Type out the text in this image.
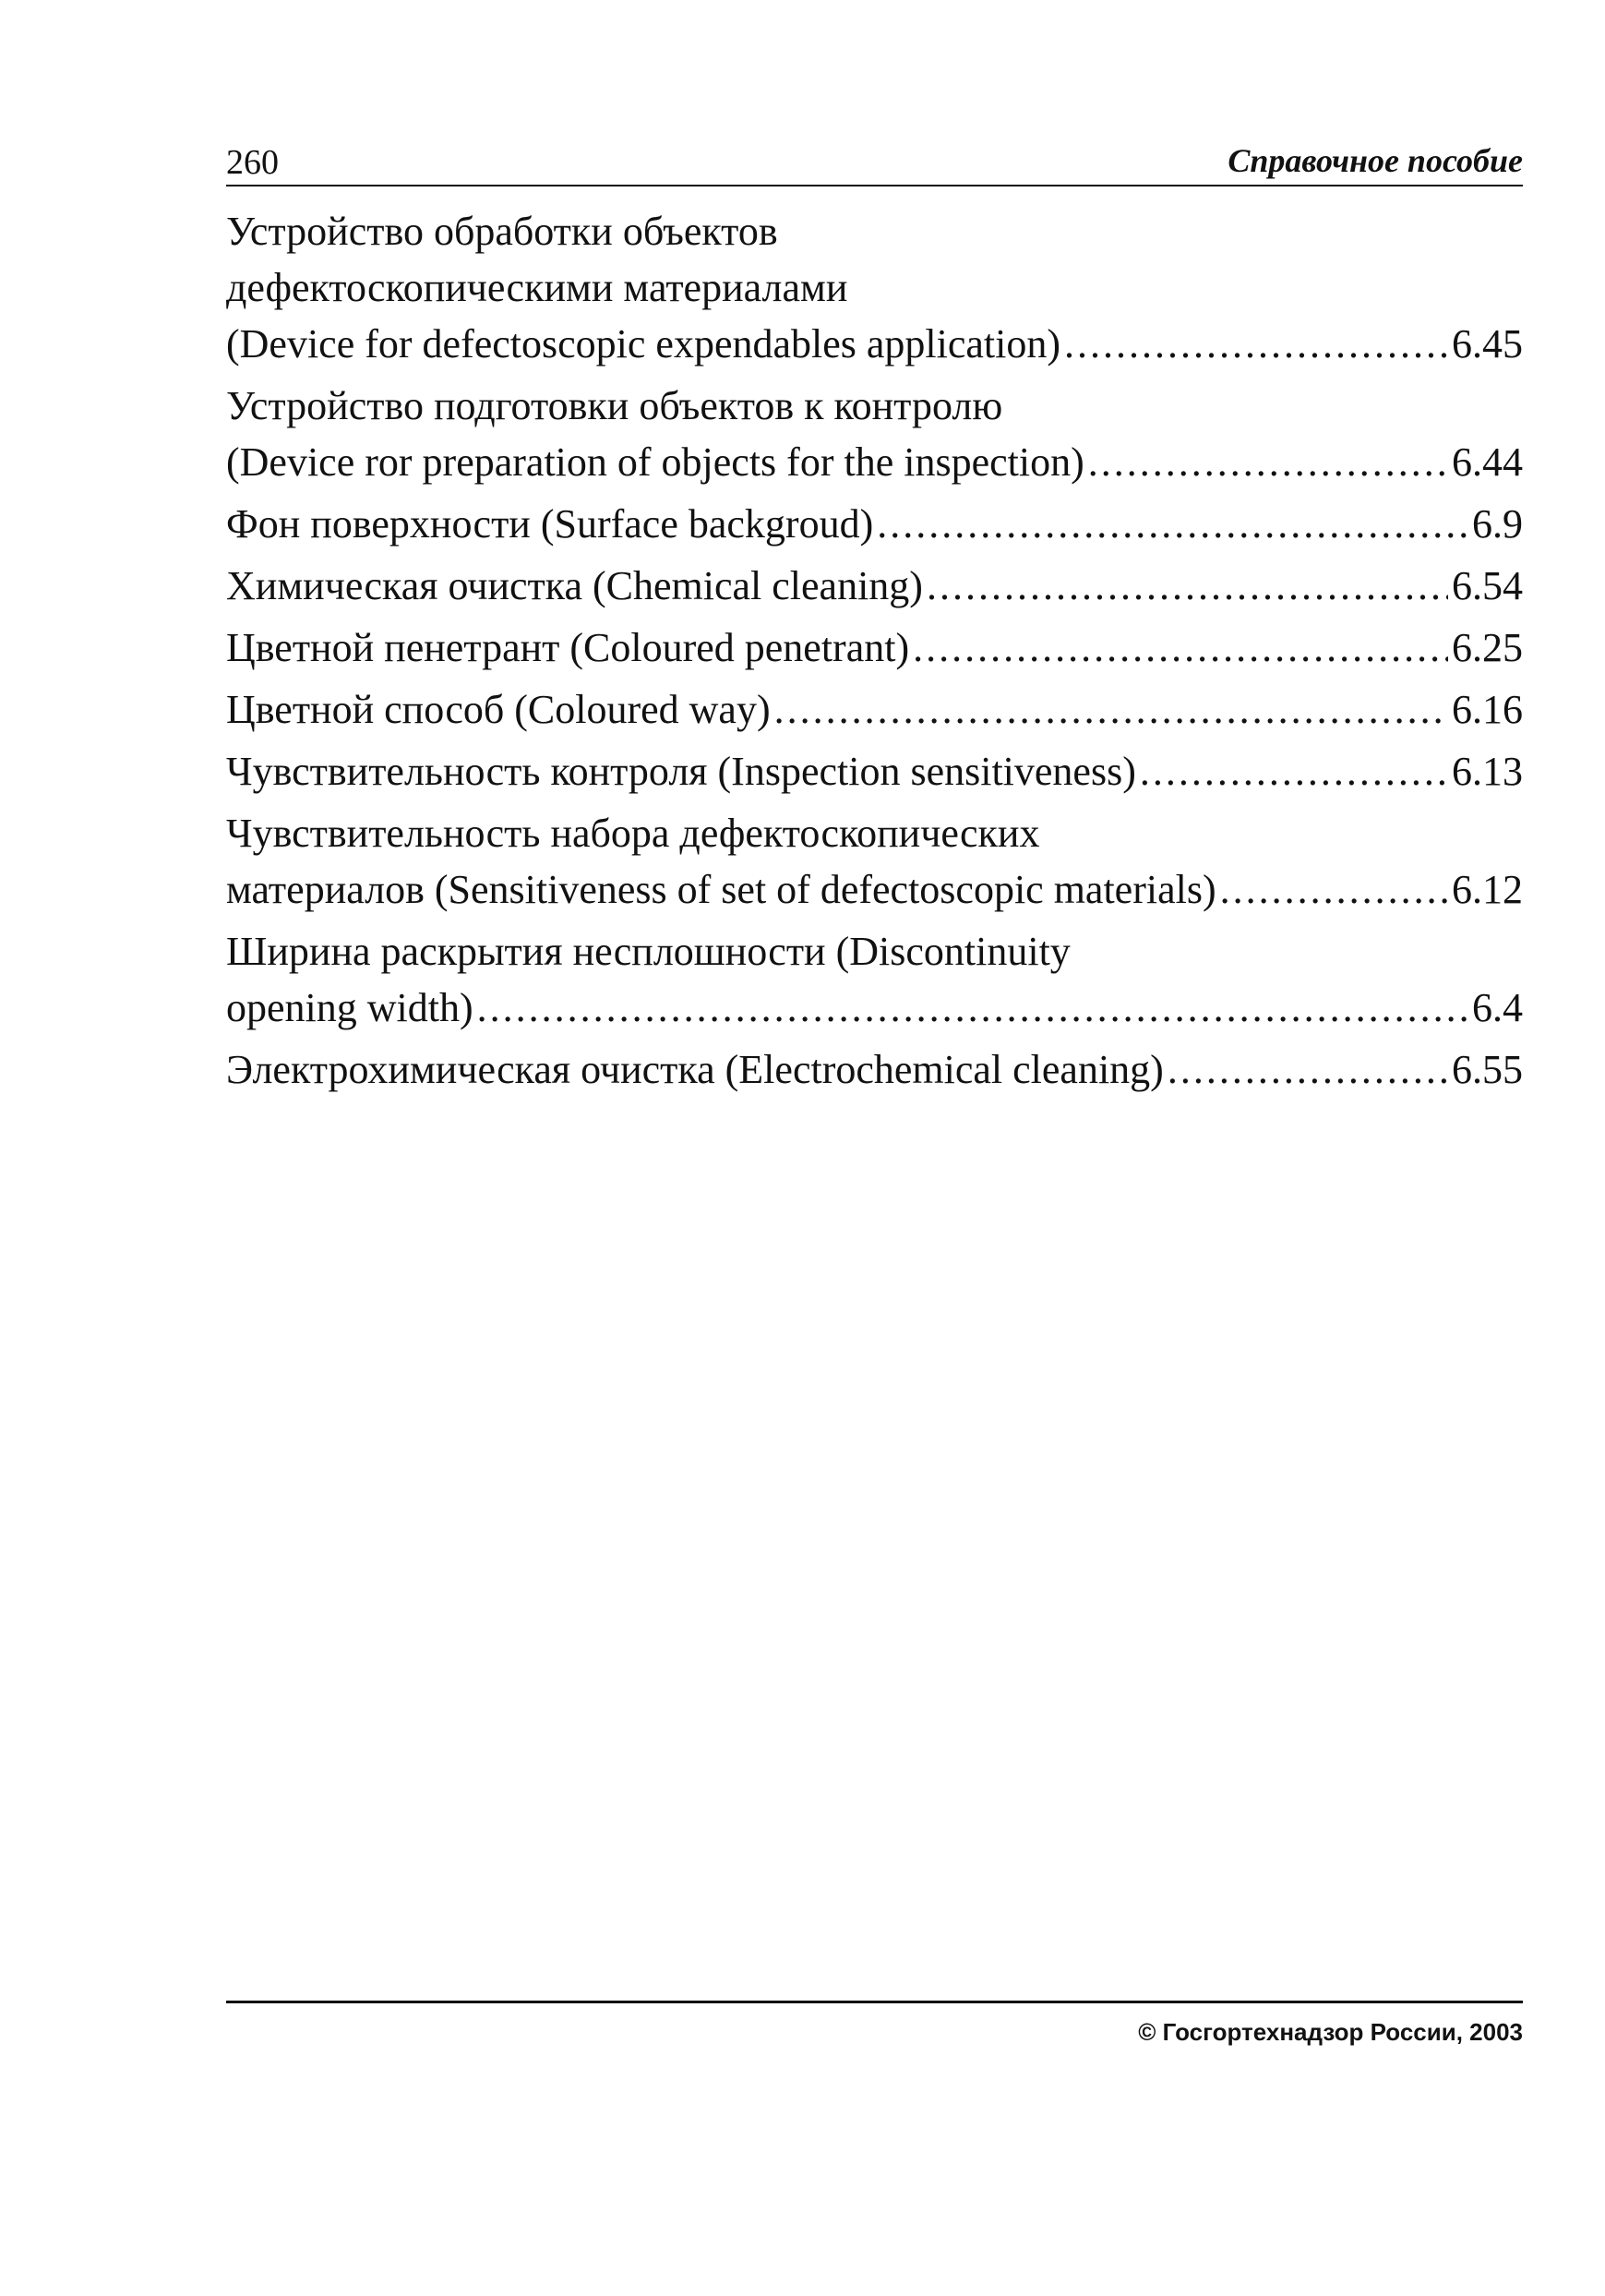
260	Справочное пособие
Устройство обработки объектов
дефектоскопическими материалами
(Device for defectoscopic expendables application) .....	6.45
Устройство подготовки объектов к контролю
(Device ror preparation of objects for the inspection) .....	6.44
Фон поверхности (Surface backgroud) .....	6.9
Химическая очистка (Chemical cleaning) .....	6.54
Цветной пенетрант (Coloured penetrant) .....	6.25
Цветной способ (Coloured way) .....	6.16
Чувствительность контроля (Inspection sensitiveness) .....	6.13
Чувствительность набора дефектоскопических
материалов (Sensitiveness of set of defectoscopic materials) .....	6.12
Ширина раскрытия несплошности (Discontinuity
opening width) .....	6.4
Электрохимическая очистка (Electrochemical cleaning) .....	6.55
© Госгортехнадзор России, 2003
